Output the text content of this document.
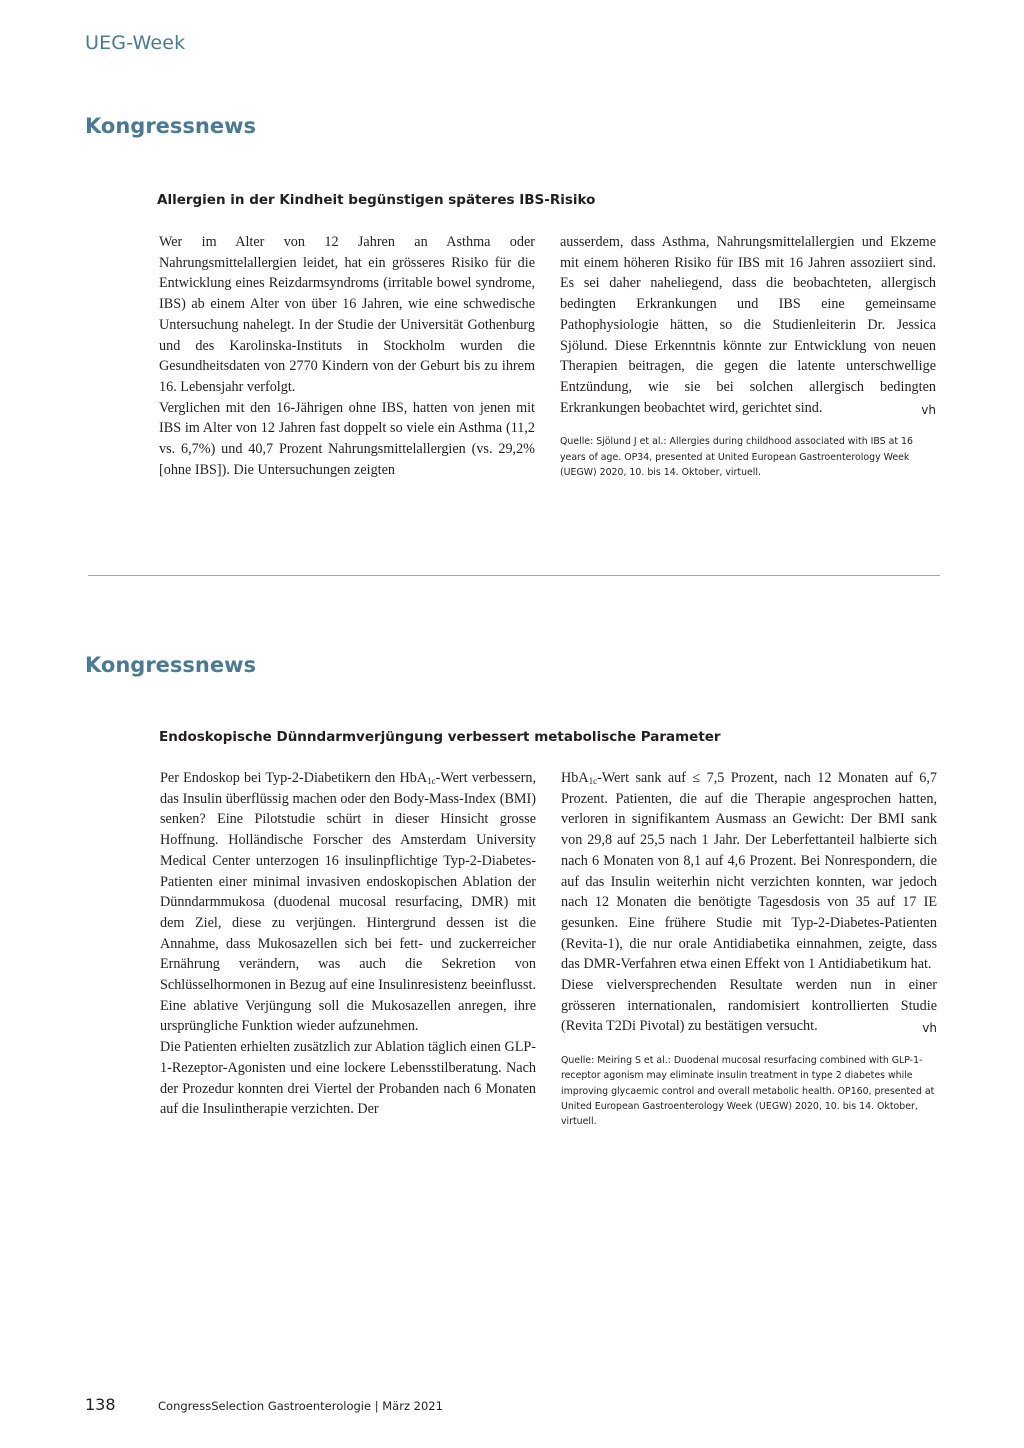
UEG-Week
Kongressnews
Allergien in der Kindheit begünstigen späteres IBS-Risiko

Wer im Alter von 12 Jahren an Asthma oder Nahrungsmittelallergien leidet, hat ein grösseres Risiko für die Entwicklung eines Reizdarmsyndroms (irritable bowel syndrome, IBS) ab einem Alter von über 16 Jahren, wie eine schwedische Untersuchung nahelegt. In der Studie der Universität Gothenburg und des Karolinska-Instituts in Stockholm wurden die Gesundheitsdaten von 2770 Kindern von der Geburt bis zu ihrem 16. Lebensjahr verfolgt.

Verglichen mit den 16-Jährigen ohne IBS, hatten von jenen mit IBS im Alter von 12 Jahren fast doppelt so viele ein Asthma (11,2 vs. 6,7%) und 40,7 Prozent Nahrungsmittelallergien (vs. 29,2% [ohne IBS]). Die Untersuchungen zeigten

ausserdem, dass Asthma, Nahrungsmittelallergien und Ekzeme mit einem höheren Risiko für IBS mit 16 Jahren assoziiert sind. Es sei daher naheliegend, dass die beobachteten, allergisch bedingten Erkrankungen und IBS eine gemeinsame Pathophysiologie hätten, so die Studienleiterin Dr. Jessica Sjölund. Diese Erkenntnis könnte zur Entwicklung von neuen Therapien beitragen, die gegen die latente unterschwellige Entzündung, wie sie bei solchen allergisch bedingten Erkrankungen beobachtet wird, gerichtet sind.	vh

Quelle: Sjölund J et al.: Allergies during childhood associated with IBS at 16 years of age. OP34, presented at United European Gastroenterology Week (UEGW) 2020, 10. bis 14. Oktober, virtuell.
Kongressnews
Endoskopische Dünndarmverjüngung verbessert metabolische Parameter

Per Endoskop bei Typ-2-Diabetikern den HbA$_{1c}$-Wert verbessern, das Insulin überflüssig machen oder den Body-Mass-Index (BMI) senken? Eine Pilotstudie schürt in dieser Hinsicht grosse Hoffnung. Holländische Forscher des Amsterdam University Medical Center unterzogen 16 insulinpflichtige Typ-2-Diabetes-Patienten einer minimal invasiven endoskopischen Ablation der Dünndarmmukosa (duodenal mucosal resurfacing, DMR) mit dem Ziel, diese zu verjüngen. Hintergrund dessen ist die Annahme, dass Mukosazellen sich bei fett- und zuckerreicher Ernährung verändern, was auch die Sekretion von Schlüsselhormonen in Bezug auf eine Insulinresistenz beeinflusst. Eine ablative Verjüngung soll die Mukosazellen anregen, ihre ursprüngliche Funktion wieder aufzunehmen.

Die Patienten erhielten zusätzlich zur Ablation täglich einen GLP-1-Rezeptor-Agonisten und eine lockere Lebensstilberatung. Nach der Prozedur konnten drei Viertel der Probanden nach 6 Monaten auf die Insulintherapie verzichten. Der

HbA$_{1c}$-Wert sank auf ≤ 7,5 Prozent, nach 12 Monaten auf 6,7 Prozent. Patienten, die auf die Therapie angesprochen hatten, verloren in signifikantem Ausmass an Gewicht: Der BMI sank von 29,8 auf 25,5 nach 1 Jahr. Der Leberfettanteil halbierte sich nach 6 Monaten von 8,1 auf 4,6 Prozent. Bei Nonrespondern, die auf das Insulin weiterhin nicht verzichten konnten, war jedoch nach 12 Monaten die benötigte Tagesdosis von 35 auf 17 IE gesunken. Eine frühere Studie mit Typ-2-Diabetes-Patienten (Revita-1), die nur orale Antidiabetika einnahmen, zeigte, dass das DMR-Verfahren etwa einen Effekt von 1 Antidiabetikum hat.

Diese vielversprechenden Resultate werden nun in einer grösseren internationalen, randomisiert kontrollierten Studie (Revita T2Di Pivotal) zu bestätigen versucht.	vh

Quelle: Meiring S et al.: Duodenal mucosal resurfacing combined with GLP-1-receptor agonism may eliminate insulin treatment in type 2 diabetes while improving glycaemic control and overall metabolic health. OP160, presented at United European Gastroenterology Week (UEGW) 2020, 10. bis 14. Oktober, virtuell.
138	CongressSelection Gastroenterologie | März 2021
